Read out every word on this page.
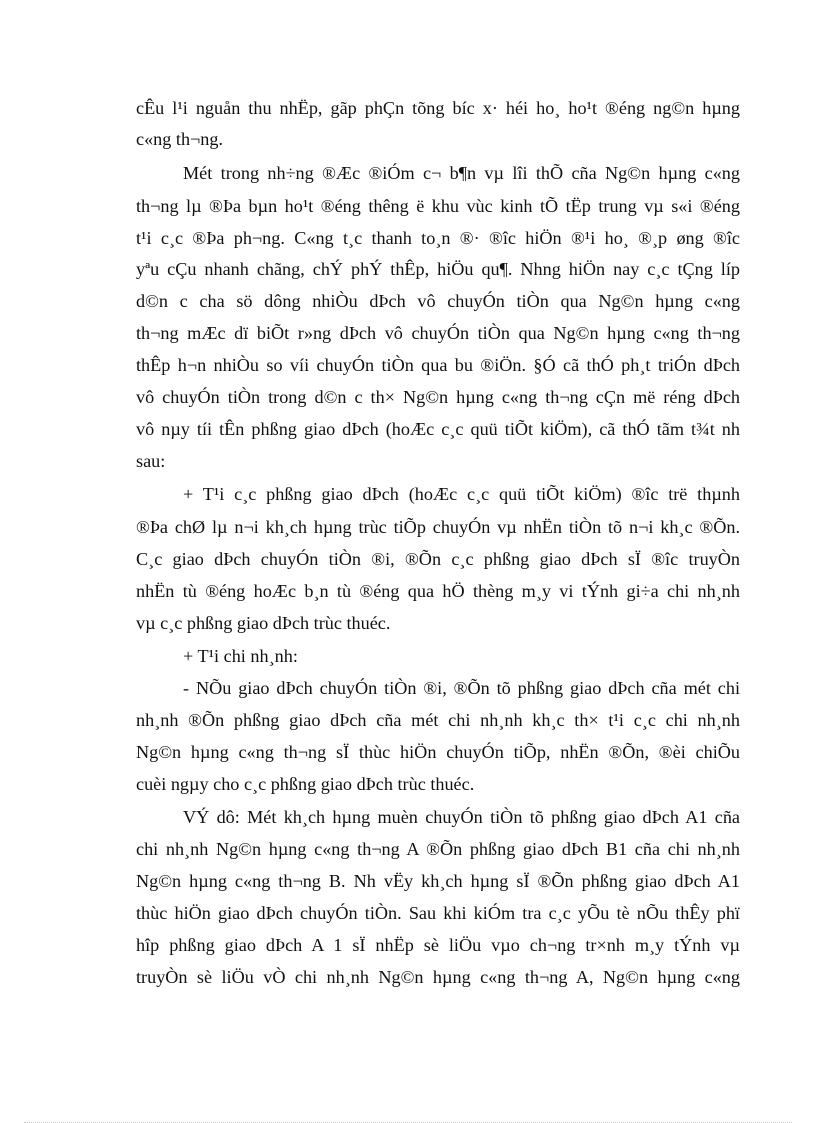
cÊu l¹i nguån thu nhËp, gãp phÇn tõng bíc x· héi ho¸ ho¹t ®éng ng©n hµng
c«ng th¬ng.
Mét trong nh÷ng ®Æc ®iÓm c¬ b¶n vµ lîi thÕ cña Ng©n hµng c«ng
th¬ng lµ ®Þa bµn ho¹t ®éng thêng ë khu vùc kinh tÕ tËp trung vµ s«i ®éng
t¹i c¸c ®Þa ph¬ng. C«ng t¸c thanh to¸n ®· ®îc hiÖn ®¹i ho¸ ®¸p øng ®îc
yªu cÇu nhanh chãng, chÝ phÝ thÊp, hiÖu qu¶. Nhng hiÖn nay c¸c tÇng líp
d©n c cha sö dông nhiÒu dÞch vô chuyÓn tiÒn qua Ng©n hµng c«ng
th¬ng mÆc dï biÕt r»ng dÞch vô chuyÓn tiÒn qua Ng©n hµng c«ng th¬ng
thÊp h¬n nhiÒu so víi chuyÓn tiÒn qua bu ®iÖn. §Ó cã thÓ ph¸t triÓn dÞch
vô chuyÓn tiÒn trong d©n c th× Ng©n hµng c«ng th¬ng cÇn më réng dÞch
vô nµy tíi tÊn phßng giao dÞch (hoÆc c¸c quü tiÕt kiÖm), cã thÓ tãm t¾t nh
sau:
+ T¹i c¸c phßng giao dÞch (hoÆc c¸c quü tiÕt kiÖm) ®îc trë thµnh
®Þa chØ lµ n¬i kh¸ch hµng trùc tiÕp chuyÓn vµ nhËn tiÒn tõ n¬i kh¸c ®Õn.
C¸c giao dÞch chuyÓn tiÒn ®i, ®Õn c¸c phßng giao dÞch sÏ ®îc truyÒn
nhËn tù ®éng hoÆc b¸n tù ®éng qua hÖ thèng m¸y vi tÝnh gi÷a chi nh¸nh
vµ c¸c phßng giao dÞch trùc thuéc.
+ T¹i chi nh¸nh:
- NÕu giao dÞch chuyÓn tiÒn ®i, ®Õn tõ phßng giao dÞch cña mét chi
nh¸nh ®Õn phßng giao dÞch cña mét chi nh¸nh kh¸c th× t¹i c¸c chi nh¸nh
Ng©n hµng c«ng th¬ng sÏ thùc hiÖn chuyÓn tiÕp, nhËn ®Õn, ®èi chiÕu
cuèi ngµy cho c¸c phßng giao dÞch trùc thuéc.
VÝ dô: Mét kh¸ch hµng muèn chuyÓn tiÒn tõ phßng giao dÞch A1 cña
chi nh¸nh Ng©n hµng c«ng th¬ng A ®Õn phßng giao dÞch B1 cña chi nh¸nh
Ng©n hµng c«ng th¬ng B. Nh vËy kh¸ch hµng sÏ ®Õn phßng giao dÞch A1
thùc hiÖn giao dÞch chuyÓn tiÒn. Sau khi kiÓm tra c¸c yÕu tè nÕu thÊy phï
hîp phßng giao dÞch A 1 sÏ nhËp sè liÖu vµo ch¬ng tr×nh m¸y tÝnh vµ
truyÒn sè liÖu vÒ chi nh¸nh Ng©n hµng c«ng th¬ng A, Ng©n hµng c«ng
